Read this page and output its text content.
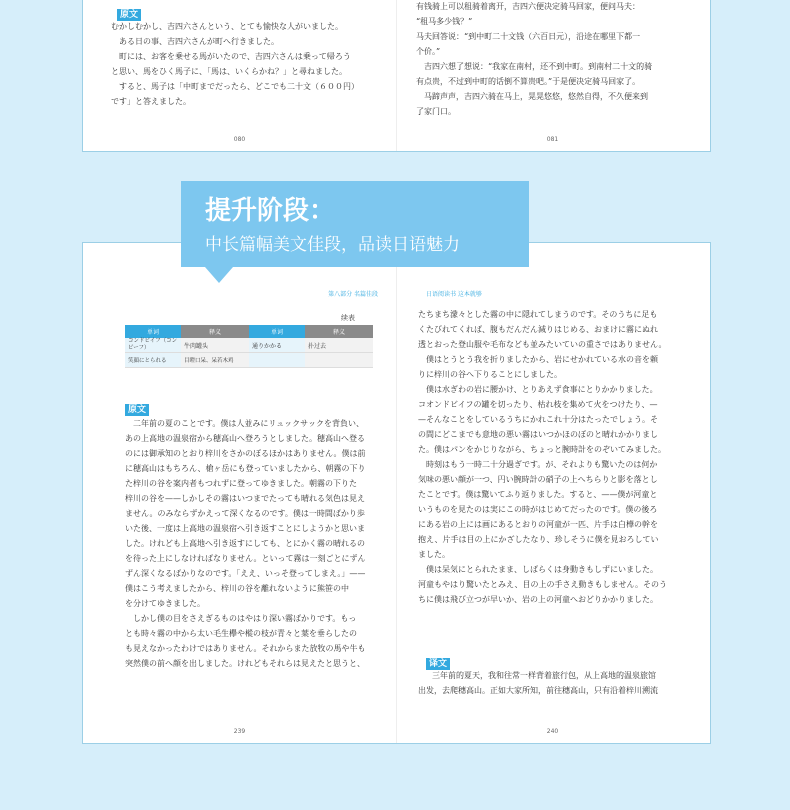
原文
むかしむかし、吉四六さんという、とても愉快な人がいました。
ある日の事、吉四六さんが町へ行きました。
町には、お客を乗せる馬がいたので、吉四六さんは乗って帰ろう
と思い、馬をひく馬子に、「馬は、いくらかね？」と尋ねました。
すると、馬子は「中町までだったら、どこでも二十文（６００円）
です」と答えました。
080
有钱骑上可以租骑着离开，吉四六便决定骑马回家，便问马夫：
“租马多少钱？”
马夫回答说：“到中町二十文钱（六百日元），沿途在哪里下都一
个价。”
吉四六想了想说：“我家在南村，还不到中町。到南村二十文的骑
有点贵，不过到中町的话倒不算贵吧。”于是便决定骑马回家了。
马蹄声声，吉四六骑在马上，晃晃悠悠，悠然自得，不久便来到
了家门口。
081
第八部分 名篇佳段
续表
单词	释义	单词	释义
コンドビイフ（コンビーフ）	牛肉罐头	通りかかる	扑过去
笑顔にとられる	目瞪口呆、呆若木鸡		
原文
二年前の夏のことです。僕は人並みにリュックサックを背負い、
あの上高地の温泉宿から穂高山へ登ろうとしました。穂高山へ登る
のには御承知のとおり梓川をさかのぼるほかはありません。僕は前
に穂高山はもちろん、槍ヶ岳にも登っていましたから、朝霧の下り
た梓川の谷を案内者もつれずに登ってゆきました。朝霧の下りた
梓川の谷を——しかしその霧はいつまでたっても晴れる気色は見え
ません。のみならずかえって深くなるのです。僕は一時間ばかり歩
いた後、一度は上高地の温泉宿へ引き返すことにしようかと思いま
した。けれども上高地へ引き返すにしても、とにかく霧の晴れるの
を待った上にしなければなりません。といって霧は一刻ごとにずん
ずん深くなるばかりなのです。「ええ、いっそ登ってしまえ。」——
僕はこう考えましたから、梓川の谷を離れないように熊笹の中
を分けてゆきました。
しかし僕の目をさえぎるものはやはり深い霧ばかりです。もっ
とも時々霧の中から太い毛生欅や樅の枝が青々と葉を垂らしたの
も見えなかったわけではありません。それからまた放牧の馬や牛も
突然僕の前へ顔を出しました。けれどもそれらは見えたと思うと、
239
日语阅读书 这本就够
たちまち濛々とした霧の中に隠れてしまうのです。そのうちに足も
くたびれてくれば、腹もだんだん減りはじめる、おまけに霧にぬれ
透とおった登山服や毛布なども並みたいていの重さではありません。
僕はとうとう我を折りましたから、岩にせかれている水の音を頼
りに梓川の谷へ下りることにしました。
僕は水ぎわの岩に腰かけ、とりあえず食事にとりかかりました。
コオンドビイフの罐を切ったり、枯れ枝を集めて火をつけたり、—
—そんなことをしているうちにかれこれ十分はたったでしょう。そ
の間にどこまでも意地の悪い霧はいつかほのぼのと晴れかかりまし
た。僕はパンをかじりながら、ちょっと腕時計をのぞいてみました。
時刻はもう一時二十分過ぎです。が、それよりも驚いたのは何か
気味の悪い顔が一つ、円い腕時計の硝子の上へちらりと影を落とし
たことです。僕は驚いてふり返りました。すると、——僕が河童と
いうものを見たのは実にこの時がはじめてだったのです。僕の後ろ
にある岩の上には画にあるとおりの河童が一匹、片手は白樺の幹を
抱え、片手は目の上にかざしたなり、珍しそうに僕を見おろしてい
ました。
僕は呆気にとられたまま、しばらくは身動きもしずにいました。
河童もやはり驚いたとみえ、目の上の手さえ動きもしません。そのう
ちに僕は飛び立つが早いか、岩の上の河童へおどりかかりました。
译文
三年前的夏天，我和往常一样背着旅行包，从上高地的温泉旅馆
出发，去爬穗高山。正如大家所知，前往穗高山，只有沿着梓川溯流
240
提升阶段：
中长篇幅美文佳段，品读日语魅力
